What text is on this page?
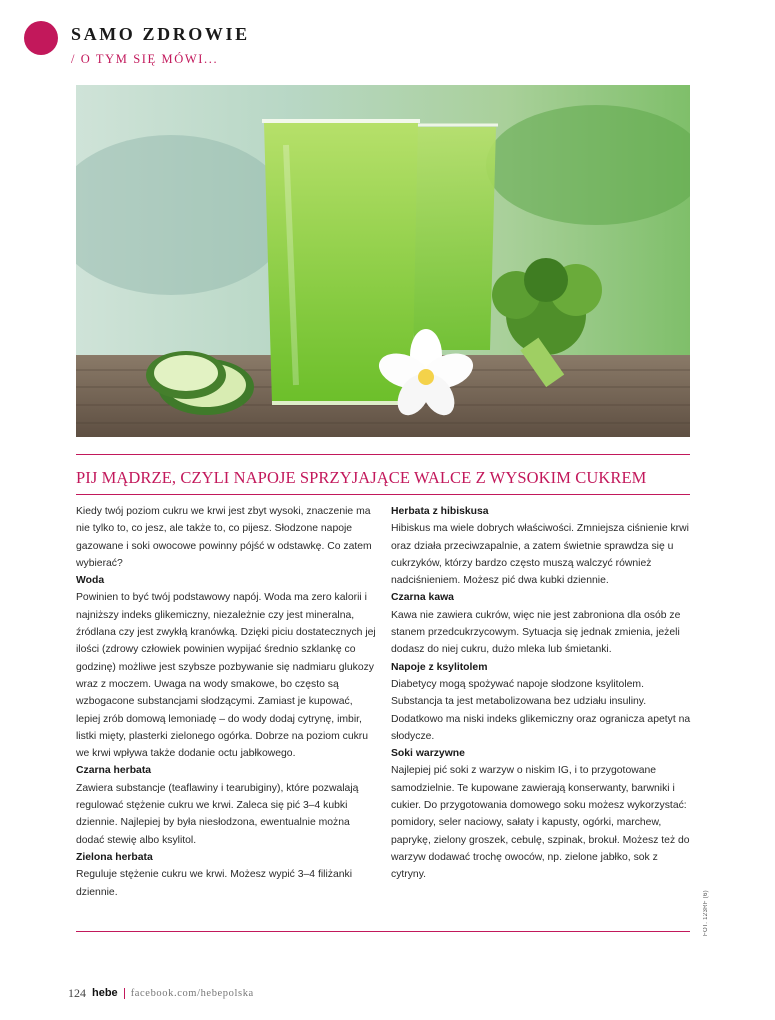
SAMO ZDROWIE
/ O TYM SIĘ MÓWI...
PIJ MĄDRZE, CZYLI NAPOJE SPRZYJAJĄCE WALCE Z WYSOKIM CUKREM

Kiedy twój poziom cukru we krwi jest zbyt wysoki, znaczenie ma nie tylko to, co jesz, ale także to, co pijesz. Słodzone napoje gazowane i soki owocowe powinny pójść w odstawkę. Co zatem wybierać?

Woda

Powinien to być twój podstawowy napój. Woda ma zero kalorii i najniższy indeks glikemiczny, niezależnie czy jest mineralna, źródlana czy jest zwykłą kranówką. Dzięki piciu dostatecznych jej ilości (zdrowy człowiek powinien wypijać średnio szklankę co godzinę) możliwe jest szybsze pozbywanie się nadmiaru glukozy wraz z moczem. Uwaga na wody smakowe, bo często są wzbogacone substancjami słodzącymi. Zamiast je kupować, lepiej zrób domową lemoniadę – do wody dodaj cytrynę, imbir, listki mięty, plasterki zielonego ogórka. Dobrze na poziom cukru we krwi wpływa także dodanie octu jabłkowego.

Czarna herbata

Zawiera substancje (teaflawiny i tearubiginy), które pozwalają regulować stężenie cukru we krwi. Zaleca się pić 3–4 kubki dziennie. Najlepiej by była niesłodzona, ewentualnie można dodać stewię albo ksylitol.

Zielona herbata

Reguluje stężenie cukru we krwi. Możesz wypić 3–4 filiżanki dziennie.

Herbata z hibiskusa

Hibiskus ma wiele dobrych właściwości. Zmniejsza ciśnienie krwi oraz działa przeciwzapalnie, a zatem świetnie sprawdza się u cukrzyków, którzy bardzo często muszą walczyć również nadciśnieniem. Możesz pić dwa kubki dziennie.

Czarna kawa

Kawa nie zawiera cukrów, więc nie jest zabroniona dla osób ze stanem przedcukrzycowym. Sytuacja się jednak zmienia, jeżeli dodasz do niej cukru, dużo mleka lub śmietanki.

Napoje z ksylitolem

Diabetycy mogą spożywać napoje słodzone ksylitolem. Substancja ta jest metabolizowana bez udziału insuliny. Dodatkowo ma niski indeks glikemiczny oraz ogranicza apetyt na słodycze.

Soki warzywne

Najlepiej pić soki z warzyw o niskim IG, i to przygotowane samodzielnie. Te kupowane zawierają konserwanty, barwniki i cukier. Do przygotowania domowego soku możesz wykorzystać: pomidory, seler naciowy, sałaty i kapusty, ogórki, marchew, paprykę, zielony groszek, cebulę, szpinak, brokuł. Możesz też do warzyw dodawać trochę owoców, np. zielone jabłko, sok z cytryny.

FOT. 123RF (6)
124 hebe facebook.com/hebepolska
